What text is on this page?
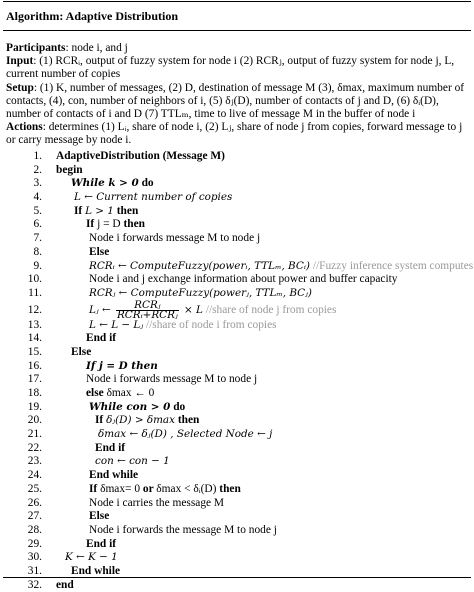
Algorithm: Adaptive Distribution

Participants: node i, and j

Input: (1) RCRᵢ, output of fuzzy system for node i (2) RCRⱼ, output of fuzzy system for node j, L, current number of copies

Setup: (1) K, number of messages, (2) D, destination of message M (3), δmax, maximum number of contacts, (4), con, number of neighbors of i, (5) δⱼ(D), number of contacts of j and D, (6) δᵢ(D), number of contacts of i and D (7) TTLₘ, time to live of message M in the buffer of node i

Actions: determines (1) Lᵢ, share of node i, (2) Lⱼ, share of node j from copies, forward message to j or carry message by node i.

1. AdaptiveDistribution (Message M)
2. begin
3.	While k > 0 do
4.	L ← Current number of copies
5.	If L > 1 then
6.	If j = D then
7.	Node i forwards message M to node j
8.	Else
9.	RCRᵢ ← ComputeFuzzy(powerᵢ, TTLₘ, BCᵢ) //Fuzzy inference system computes
10.	Node i and j exchange information about power and buffer capacity
11.	RCRⱼ ← ComputeFuzzy(powerⱼ, TTLₘ, BCⱼ)
12.	Lⱼ ← $\frac{\text{RCRⱼ}}{\text{RCRᵢ+RCRⱼ}} \times L$ //share of node j from copies
13.	L ← L − Lⱼ //share of node i from copies
14.	End if
15.	Else
16.	If j = D then
17.	Node i forwards message M to node j
18.	else δmax ← 0
19.	While con > 0 do
20.	If δⱼ(D) > δmax then
21.	δmax ← δⱼ(D) , Selected Node ← j
22.	End if
23.	con ← con − 1
24.	End while
25.	If δmax= 0 or δmax < δᵢ(D) then
26.	Node i carries the message M
27.	Else
28.	Node i forwards the message M to node j
29.	End if
30. K ← K − 1
31.	End while
32. end
